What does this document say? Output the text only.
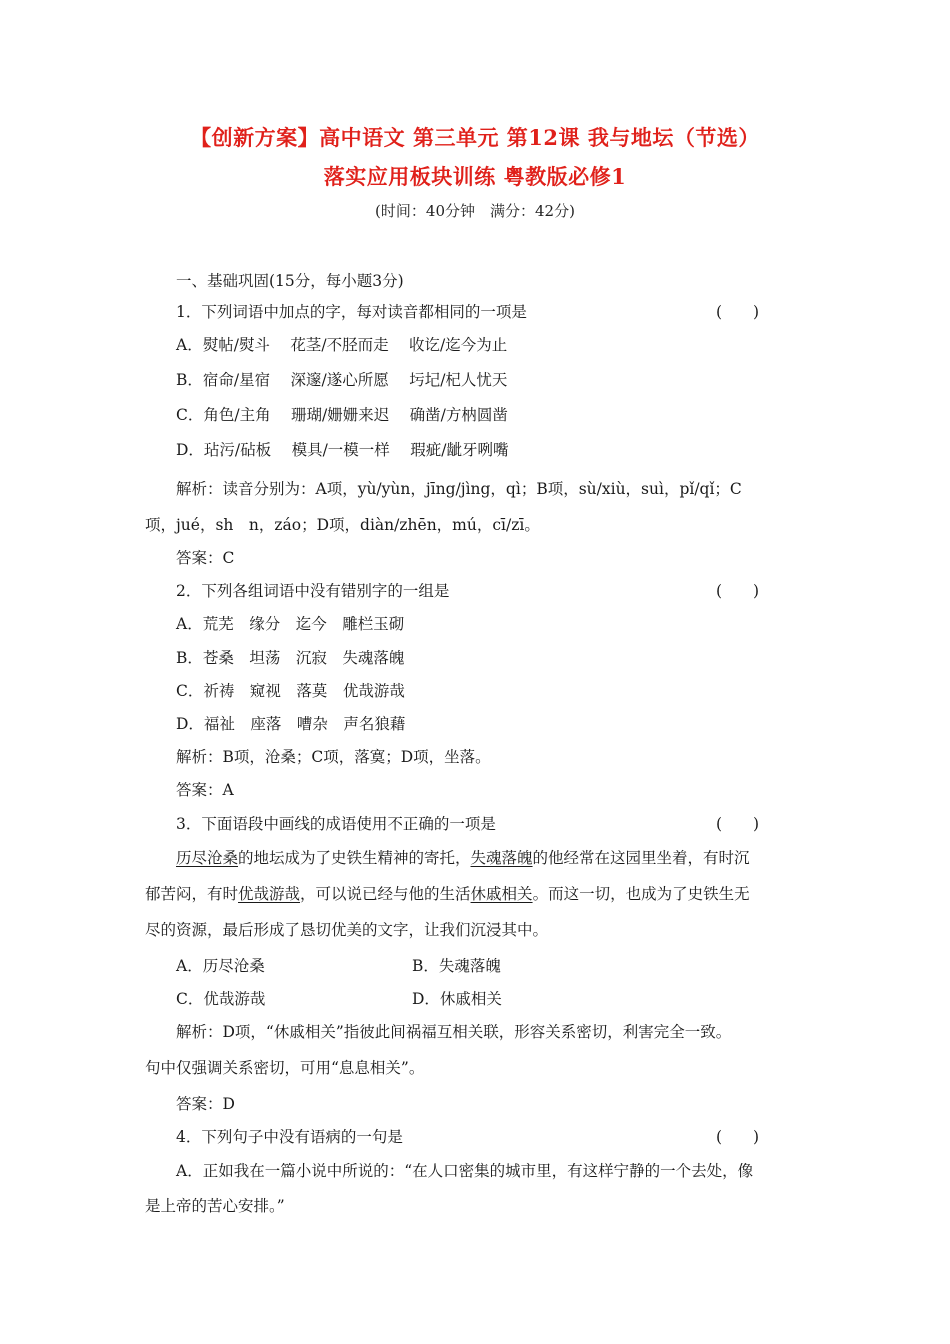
【创新方案】高中语文 第三单元 第12课 我与地坛（节选）
落实应用板块训练 粤教版必修1
(时间：40分钟　满分：42分)
一、基础巩固(15分，每小题3分)
1．下列词语中加点的字，每对读音都相同的一项是	(　　)
A．熨帖/熨斗　 花茎/不胫而走　 收讫/迄今为止
B．宿命/星宿　 深邃/遂心所愿　 圬圮/杞人忧天
C．角色/主角　 珊瑚/姗姗来迟　 确凿/方枘圆凿
D．玷污/砧板　 模具/一模一样　 瑕疵/龇牙咧嘴
解析：读音分别为：A项，yù/yùn，jīng/jìng，qì；B项，sù/xiù，suì，pǐ/qǐ；C
项，jué，sh　n，záo；D项，diàn/zhēn，mú，cī/zī。
答案：C
2．下列各组词语中没有错别字的一组是	(　　)
A．荒芜　缘分　迄今　雕栏玉砌
B．苍桑　坦荡　沉寂　失魂落魄
C．祈祷　窥视　落莫　优哉游哉
D．福祉　座落　嘈杂　声名狼藉
解析：B项，沧桑；C项，落寞；D项，坐落。
答案：A
3．下面语段中画线的成语使用不正确的一项是	(　　)
历尽沧桑的地坛成为了史铁生精神的寄托，失魂落魄的他经常在这园里坐着，有时沉
郁苦闷，有时优哉游哉，可以说已经与他的生活休戚相关。而这一切，也成为了史铁生无
尽的资源，最后形成了恳切优美的文字，让我们沉浸其中。
A．历尽沧桑	B．失魂落魄
C．优哉游哉	D．休戚相关
解析：D项，“休戚相关”指彼此间祸福互相关联，形容关系密切，利害完全一致。
句中仅强调关系密切，可用“息息相关”。
答案：D
4．下列句子中没有语病的一句是	(　　)
A．正如我在一篇小说中所说的：“在人口密集的城市里，有这样宁静的一个去处，像
是上帝的苦心安排。”
